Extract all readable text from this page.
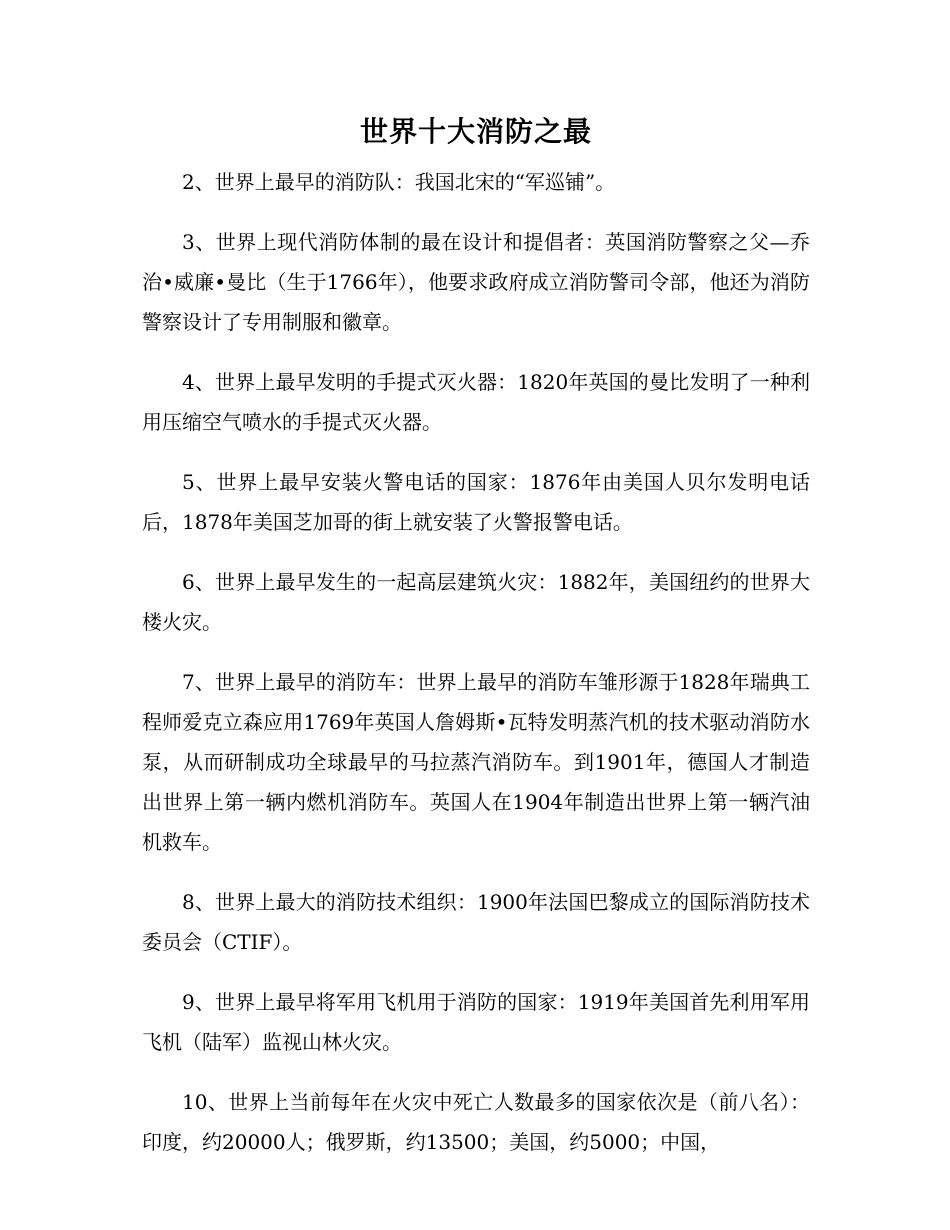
世界十大消防之最

2、世界上最早的消防队：我国北宋的“军巡铺”。

3、世界上现代消防体制的最在设计和提倡者：英国消防警察之父—乔治•威廉•曼比（生于1766年），他要求政府成立消防警司令部，他还为消防警察设计了专用制服和徽章。

4、世界上最早发明的手提式灭火器：1820年英国的曼比发明了一种利用压缩空气喷水的手提式灭火器。

5、世界上最早安装火警电话的国家：1876年由美国人贝尔发明电话后，1878年美国芝加哥的街上就安装了火警报警电话。

6、世界上最早发生的一起高层建筑火灾：1882年，美国纽约的世界大楼火灾。

7、世界上最早的消防车：世界上最早的消防车雏形源于1828年瑞典工程师爱克立森应用1769年英国人詹姆斯•瓦特发明蒸汽机的技术驱动消防水泵，从而研制成功全球最早的马拉蒸汽消防车。到1901年，德国人才制造出世界上第一辆内燃机消防车。英国人在1904年制造出世界上第一辆汽油机救车。

8、世界上最大的消防技术组织：1900年法国巴黎成立的国际消防技术委员会（CTIF）。

9、世界上最早将军用飞机用于消防的国家：1919年美国首先利用军用飞机（陆军）监视山林火灾。

10、世界上当前每年在火灾中死亡人数最多的国家依次是（前八名）：印度，约20000人；俄罗斯，约13500；美国，约5000；中国，
